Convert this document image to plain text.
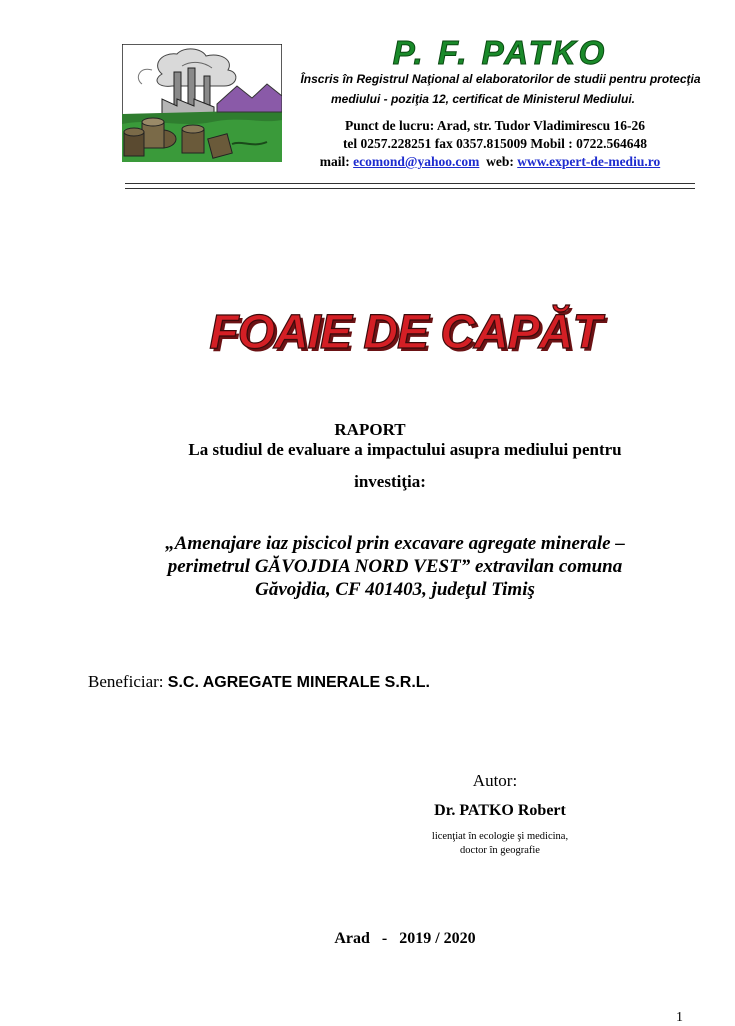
P. F. PATKO
Înscris în Registrul Naţional al elaboratorilor de studii pentru protecţia
mediului - poziţia 12, certificat de Ministerul Mediului.
Punct de lucru: Arad, str. Tudor Vladimirescu 16-26
tel 0257.228251 fax 0357.815009 Mobil : 0722.564648
mail: ecomond@yahoo.com  web: www.expert-de-mediu.ro
FOAIE DE CAPĂT
RAPORT
La studiul de evaluare a impactului asupra mediului pentru
investiţia:
„Amenajare iaz piscicol prin excavare agregate minerale –
perimetrul GĂVOJDIA NORD VEST” extravilan comuna
Găvojdia, CF 401403, judeţul Timiş
Beneficiar: S.C. AGREGATE MINERALE S.R.L.
Autor:
Dr. PATKO Robert
licenţiat în ecologie şi medicina,
doctor în geografie
Arad   -   2019 / 2020
1
